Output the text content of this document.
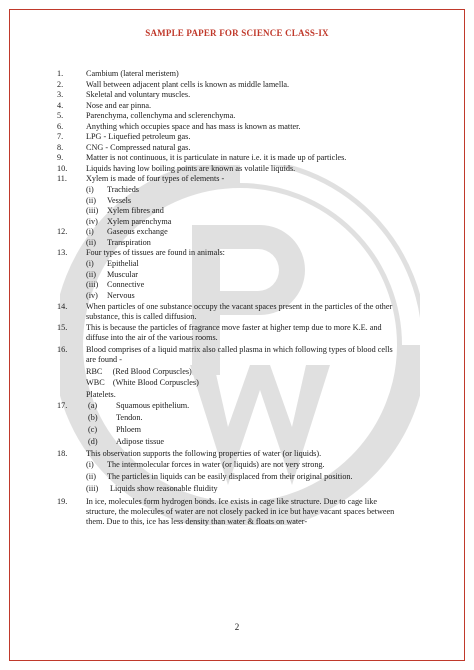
SAMPLE PAPER FOR SCIENCE CLASS-IX
1.	Cambium (lateral meristem)
2.	Wall between adjacent plant cells is known as middle lamella.
3.	Skeletal and voluntary muscles.
4.	Nose and ear pinna.
5.	Parenchyma, collenchyma and sclerenchyma.
6.	Anything which occupies space and has mass is known as matter.
7.	LPG - Liquefied petroleum gas.
8.	CNG - Compressed natural gas.
9.	Matter is not continuous, it is particulate in nature i.e. it is made up of particles.
10. Liquids having low boiling points are known as volatile liquids.
11. Xylem is made of four types of elements -
(i) Trachieds
(ii) Vessels
(iii) Xylem fibres and
(iv) Xylem parenchyma
12. (i) Gaseous exchange
(ii) Transpiration
13. Four types of tissues are found in animals:
(i) Epithelial
(ii) Muscular
(iii) Connective
(iv) Nervous
14. When particles of one substance occupy the vacant spaces present in the particles of the other
substance, this is called diffusion.
15. This is because the particles of fragrance move faster at higher temp due to more K.E. and
diffuse into the air of the various rooms.
16. Blood comprises of a liquid matrix also called plasma in which following types of blood cells
are found -
RBC     (Red Blood Corpuscles)
WBC    (White Blood Corpuscles)
Platelets.
17.	(a) Squamous epithelium.
(b) Tendon.
(c) Phloem
(d) Adipose tissue
18. This observation supports the following properties of water (or liquids).
(i) The intermolecular forces in water (or liquids) are not very strong.
(ii) The particles in liquids can be easily displaced from their original position.
(iii) Liquids show reasonable fluidity
19. In ice, molecules form hydrogen bonds. Ice exists in cage like structure. Due to cage like
structure, the molecules of water are not closely packed in ice but have vacant spaces between
them. Due to this, ice has less density than water & floats on water-
2
